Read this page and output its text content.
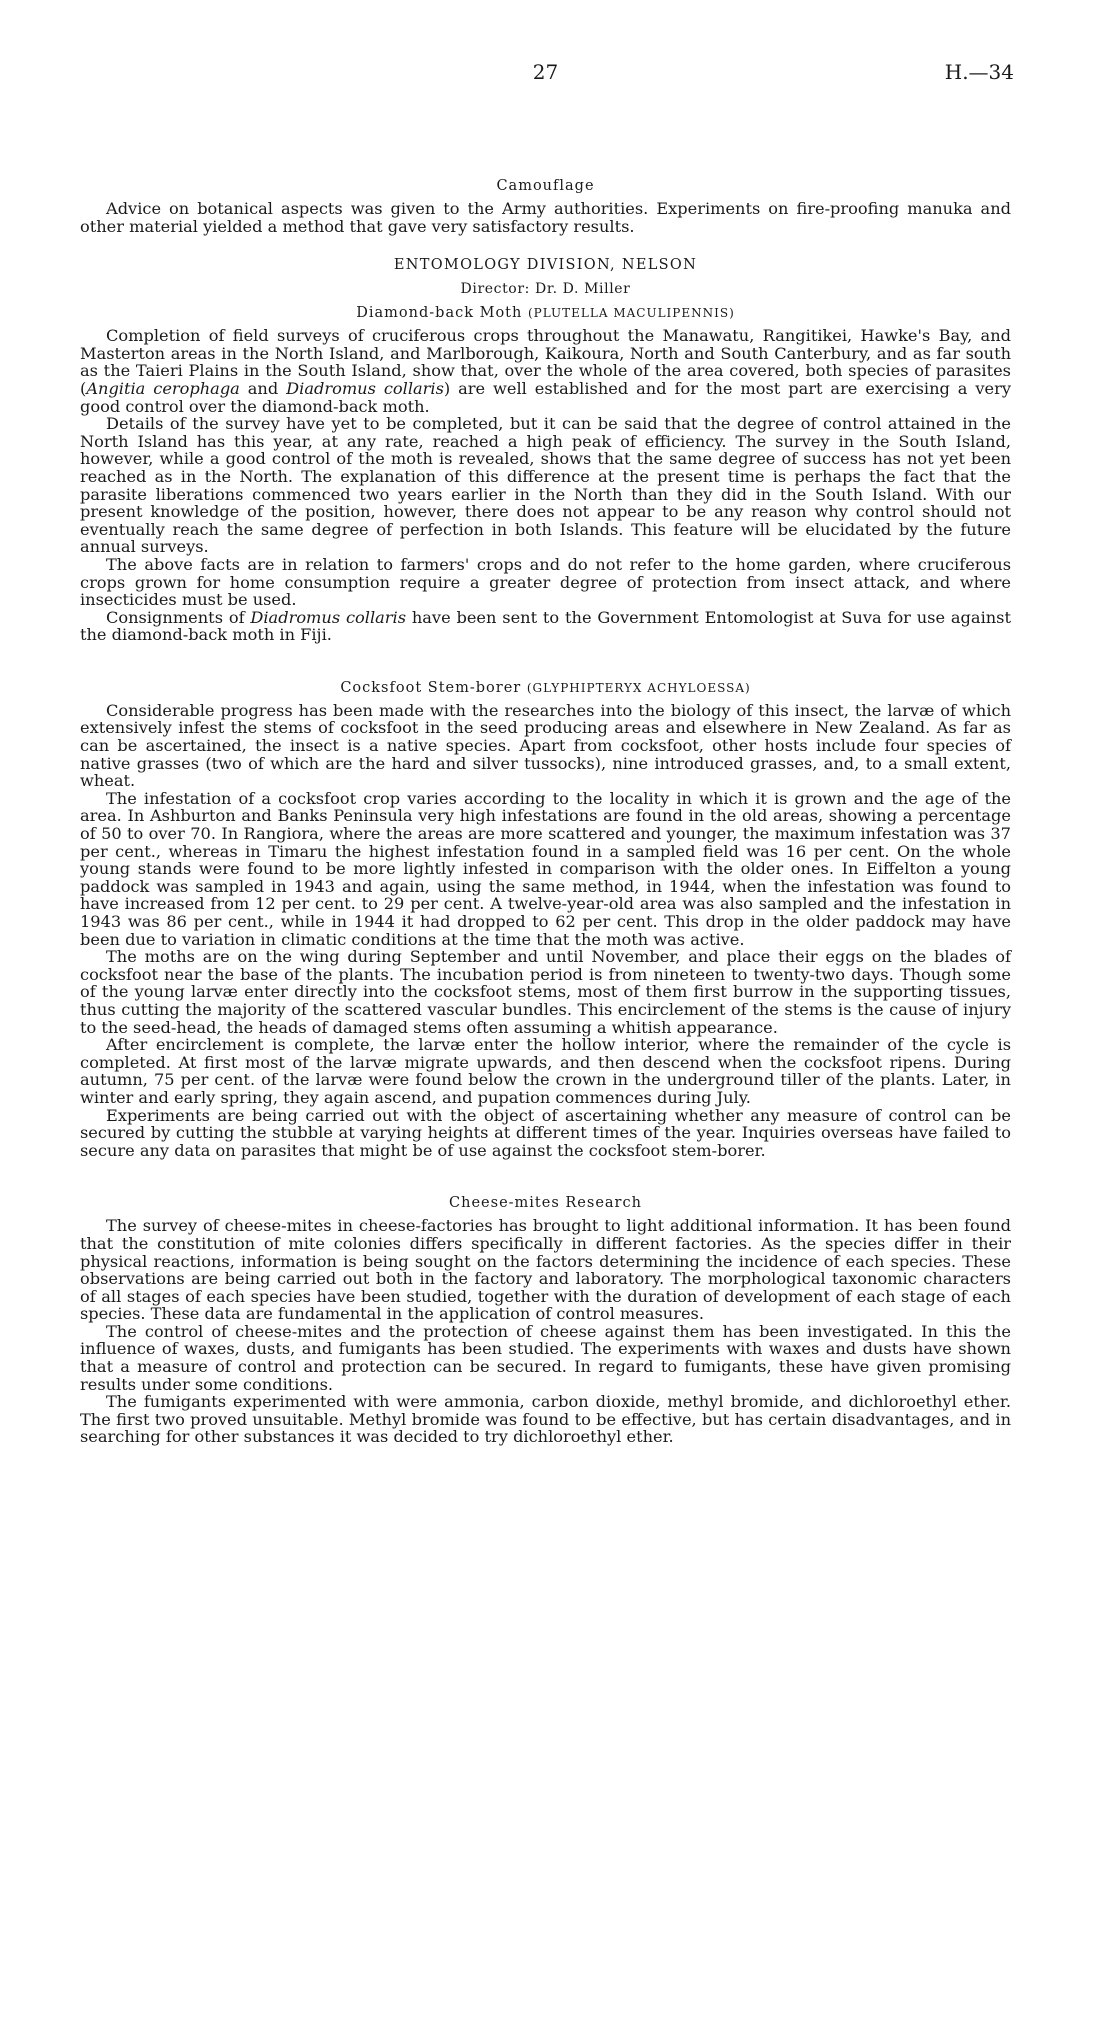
27	H.—34
Camouflage

Advice on botanical aspects was given to the Army authorities. Experiments on fire-proofing manuka and other material yielded a method that gave very satisfactory results.

ENTOMOLOGY DIVISION, NELSON
Director: Dr. D. Miller
Diamond-back Moth (PLUTELLA MACULIPENNIS)

Completion of field surveys of cruciferous crops throughout the Manawatu, Rangitikei, Hawke's Bay, and Masterton areas in the North Island, and Marlborough, Kaikoura, North and South Canterbury, and as far south as the Taieri Plains in the South Island, show that, over the whole of the area covered, both species of parasites (Angitia cerophaga and Diadromus collaris) are well established and for the most part are exercising a very good control over the diamond-back moth.

Details of the survey have yet to be completed, but it can be said that the degree of control attained in the North Island has this year, at any rate, reached a high peak of efficiency. The survey in the South Island, however, while a good control of the moth is revealed, shows that the same degree of success has not yet been reached as in the North. The explanation of this difference at the present time is perhaps the fact that the parasite liberations commenced two years earlier in the North than they did in the South Island. With our present knowledge of the position, however, there does not appear to be any reason why control should not eventually reach the same degree of perfection in both Islands. This feature will be elucidated by the future annual surveys.

The above facts are in relation to farmers' crops and do not refer to the home garden, where cruciferous crops grown for home consumption require a greater degree of protection from insect attack, and where insecticides must be used.

Consignments of Diadromus collaris have been sent to the Government Entomologist at Suva for use against the diamond-back moth in Fiji.

Cocksfoot Stem-borer (GLYPHIPTERYX ACHYLOESSA)

Considerable progress has been made with the researches into the biology of this insect, the larvæ of which extensively infest the stems of cocksfoot in the seed producing areas and elsewhere in New Zealand. As far as can be ascertained, the insect is a native species. Apart from cocksfoot, other hosts include four species of native grasses (two of which are the hard and silver tussocks), nine introduced grasses, and, to a small extent, wheat.

The infestation of a cocksfoot crop varies according to the locality in which it is grown and the age of the area. In Ashburton and Banks Peninsula very high infestations are found in the old areas, showing a percentage of 50 to over 70. In Rangiora, where the areas are more scattered and younger, the maximum infestation was 37 per cent., whereas in Timaru the highest infestation found in a sampled field was 16 per cent. On the whole young stands were found to be more lightly infested in comparison with the older ones. In Eiffelton a young paddock was sampled in 1943 and again, using the same method, in 1944, when the infestation was found to have increased from 12 per cent. to 29 per cent. A twelve-year-old area was also sampled and the infestation in 1943 was 86 per cent., while in 1944 it had dropped to 62 per cent. This drop in the older paddock may have been due to variation in climatic conditions at the time that the moth was active.

The moths are on the wing during September and until November, and place their eggs on the blades of cocksfoot near the base of the plants. The incubation period is from nineteen to twenty-two days. Though some of the young larvæ enter directly into the cocksfoot stems, most of them first burrow in the supporting tissues, thus cutting the majority of the scattered vascular bundles. This encirclement of the stems is the cause of injury to the seed-head, the heads of damaged stems often assuming a whitish appearance.

After encirclement is complete, the larvæ enter the hollow interior, where the remainder of the cycle is completed. At first most of the larvæ migrate upwards, and then descend when the cocksfoot ripens. During autumn, 75 per cent. of the larvæ were found below the crown in the underground tiller of the plants. Later, in winter and early spring, they again ascend, and pupation commences during July.

Experiments are being carried out with the object of ascertaining whether any measure of control can be secured by cutting the stubble at varying heights at different times of the year. Inquiries overseas have failed to secure any data on parasites that might be of use against the cocksfoot stem-borer.

Cheese-mites Research

The survey of cheese-mites in cheese-factories has brought to light additional information. It has been found that the constitution of mite colonies differs specifically in different factories. As the species differ in their physical reactions, information is being sought on the factors determining the incidence of each species. These observations are being carried out both in the factory and laboratory. The morphological taxonomic characters of all stages of each species have been studied, together with the duration of development of each stage of each species. These data are fundamental in the application of control measures.

The control of cheese-mites and the protection of cheese against them has been investigated. In this the influence of waxes, dusts, and fumigants has been studied. The experiments with waxes and dusts have shown that a measure of control and protection can be secured. In regard to fumigants, these have given promising results under some conditions.

The fumigants experimented with were ammonia, carbon dioxide, methyl bromide, and dichloroethyl ether. The first two proved unsuitable. Methyl bromide was found to be effective, but has certain disadvantages, and in searching for other substances it was decided to try dichloroethyl ether.
